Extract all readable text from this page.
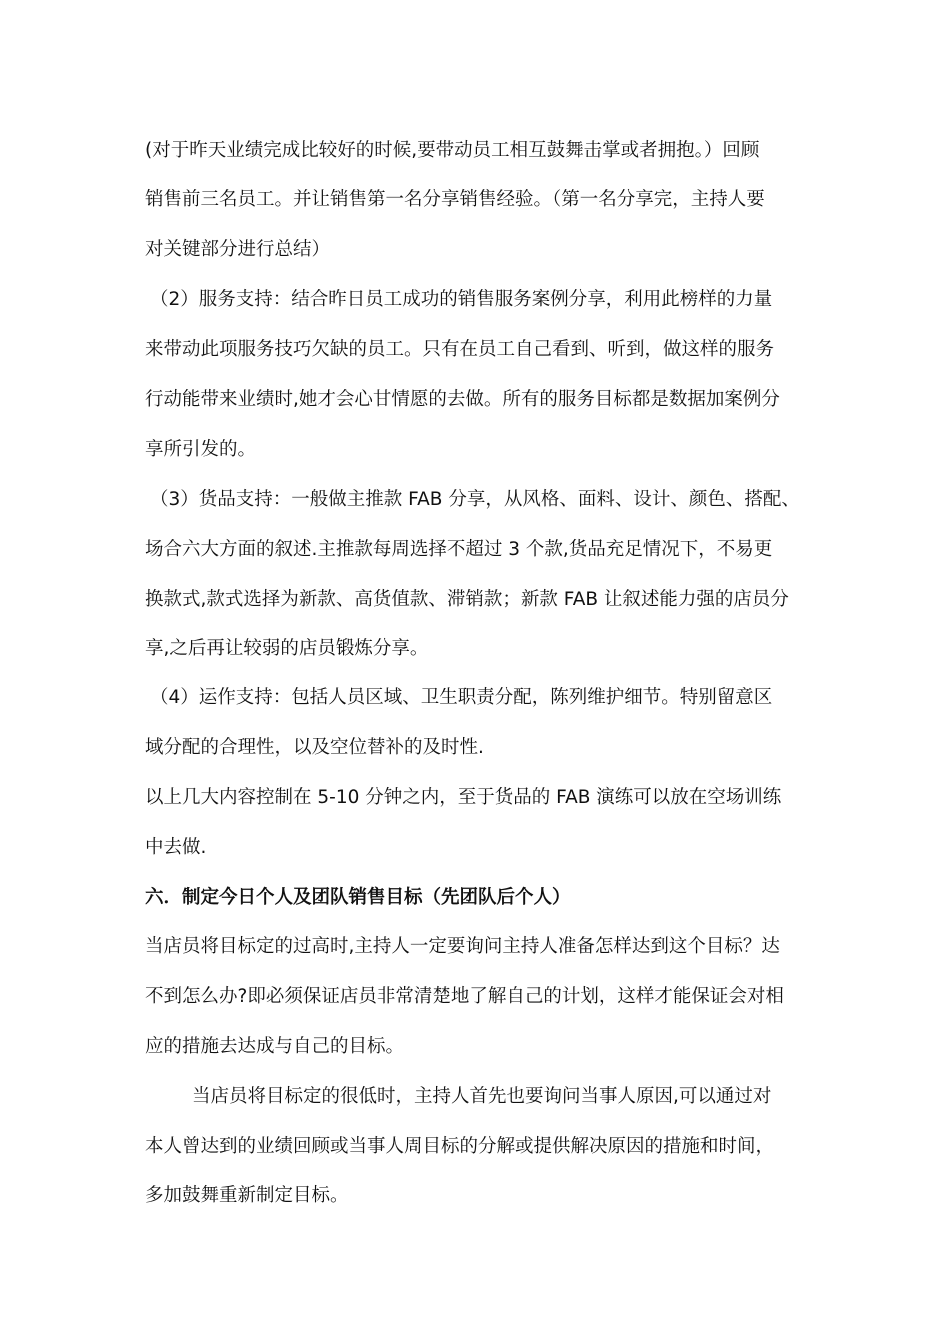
(对于昨天业绩完成比较好的时候,要带动员工相互鼓舞击掌或者拥抱。）回顾
销售前三名员工。并让销售第一名分享销售经验。（第一名分享完，主持人要
对关键部分进行总结）
（2）服务支持：结合昨日员工成功的销售服务案例分享，利用此榜样的力量
来带动此项服务技巧欠缺的员工。只有在员工自己看到、听到，做这样的服务
行动能带来业绩时,她才会心甘情愿的去做。所有的服务目标都是数据加案例分
享所引发的。
（3）货品支持：一般做主推款 FAB 分享，从风格、面料、设计、颜色、搭配、
场合六大方面的叙述.主推款每周选择不超过 3 个款,货品充足情况下，不易更
换款式,款式选择为新款、高货值款、滞销款；新款 FAB 让叙述能力强的店员分
享,之后再让较弱的店员锻炼分享。
（4）运作支持：包括人员区域、卫生职责分配，陈列维护细节。特别留意区
域分配的合理性，以及空位替补的及时性.
以上几大内容控制在 5-10 分钟之内，至于货品的 FAB 演练可以放在空场训练
中去做.
六．制定今日个人及团队销售目标（先团队后个人）
当店员将目标定的过高时,主持人一定要询问主持人准备怎样达到这个目标？达
不到怎么办?即必须保证店员非常清楚地了解自己的计划，这样才能保证会对相
应的措施去达成与自己的目标。
当店员将目标定的很低时，主持人首先也要询问当事人原因,可以通过对
本人曾达到的业绩回顾或当事人周目标的分解或提供解决原因的措施和时间，
多加鼓舞重新制定目标。
